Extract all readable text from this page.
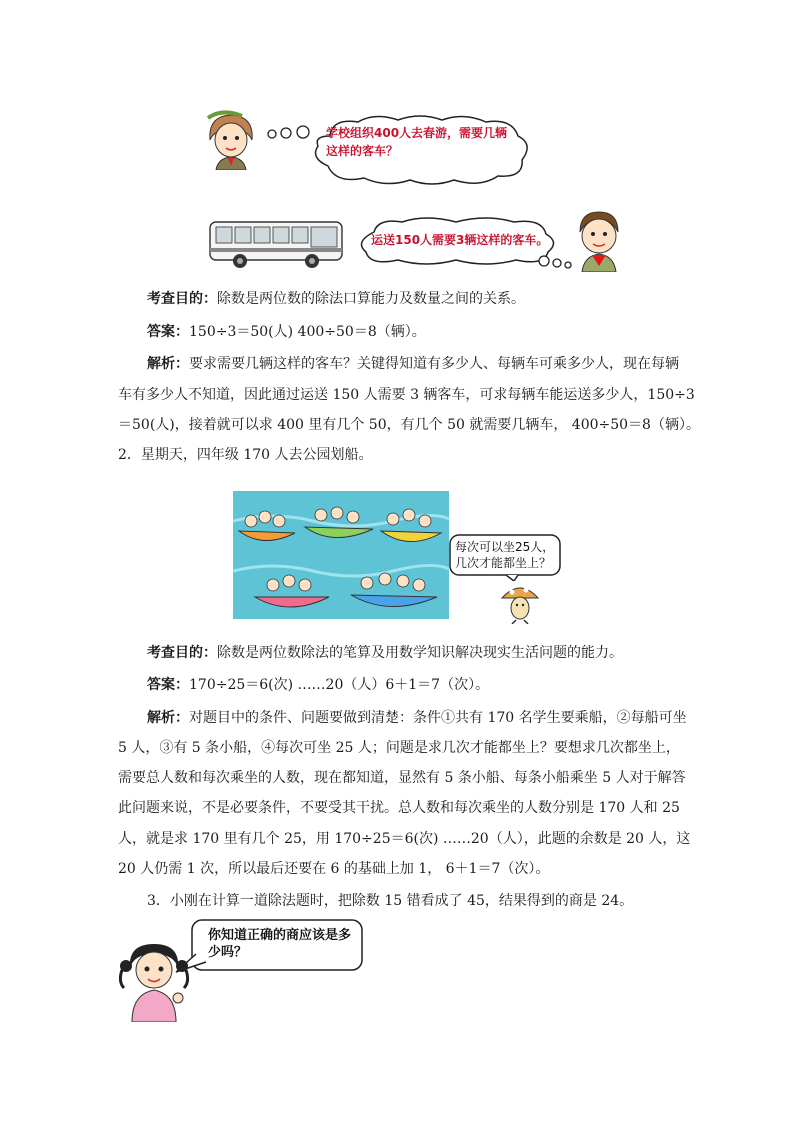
学校组织400人去春游，需要几辆这样的客车？
运送150人需要3辆这样的客车。
考查目的：除数是两位数的除法口算能力及数量之间的关系。
答案：150÷3＝50(人) 400÷50＝8（辆）。
解析：要求需要几辆这样的客车？关键得知道有多少人、每辆车可乘多少人，现在每辆
车有多少人不知道，因此通过运送 150 人需要 3 辆客车，可求每辆车能运送多少人，150÷3
＝50(人)，接着就可以求 400 里有几个 50，有几个 50 就需要几辆车， 400÷50＝8（辆）。
2．星期天，四年级 170 人去公园划船。
每次可以坐25人，几次才能都坐上？
考查目的：除数是两位数除法的笔算及用数学知识解决现实生活问题的能力。
答案：170÷25＝6(次) ……20（人）6＋1＝7（次）。
解析：对题目中的条件、问题要做到清楚：条件①共有 170 名学生要乘船，②每船可坐
5 人，③有 5 条小船，④每次可坐 25 人；问题是求几次才能都坐上？要想求几次都坐上，
需要总人数和每次乘坐的人数，现在都知道，显然有 5 条小船、每条小船乘坐 5 人对于解答
此问题来说，不是必要条件，不要受其干扰。总人数和每次乘坐的人数分别是 170 人和 25
人，就是求 170 里有几个 25，用 170÷25＝6(次) ……20（人），此题的余数是 20 人，这
20 人仍需 1 次，所以最后还要在 6 的基础上加 1， 6＋1＝7（次）。
3．小刚在计算一道除法题时，把除数 15 错看成了 45，结果得到的商是 24。
你知道正确的商应该是多少吗？
